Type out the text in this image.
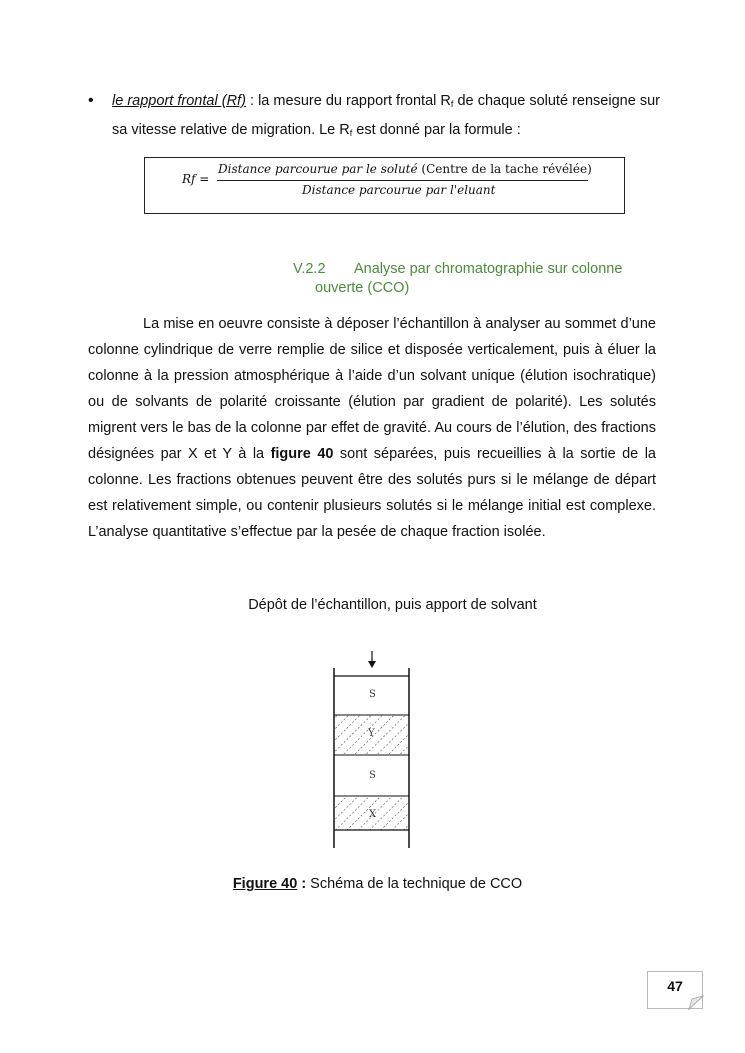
• le rapport frontal (Rf) : la mesure du rapport frontal $R_f$ de chaque soluté renseigne sur sa vitesse relative de migration. Le $R_f$ est donné par la formule :
Rf =
Distance parcourue par le soluté (Centre de la tache révélée)
Distance parcourue par l'eluant
V.2.2 Analyse par chromatographie sur colonne
ouverte (CCO)
La mise en oeuvre consiste à déposer l’échantillon à analyser au sommet d’une colonne cylindrique de verre remplie de silice et disposée verticalement, puis à éluer la colonne à la pression atmosphérique à l’aide d’un solvant unique (élution isochratique) ou de solvants de polarité croissante (élution par gradient de polarité). Les solutés migrent vers le bas de la colonne par effet de gravité. Au cours de l’élution, des fractions désignées par X et Y à la figure 40 sont séparées, puis recueillies à la sortie de la colonne. Les fractions obtenues peuvent être des solutés purs si le mélange de départ est relativement simple, ou contenir plusieurs solutés si le mélange initial est complexe. L’analyse quantitative s’effectue par la pesée de chaque fraction isolée.
Dépôt de l’échantillon, puis apport de solvant
S
Y
S
X
Figure 40 : Schéma de la technique de CCO
47
